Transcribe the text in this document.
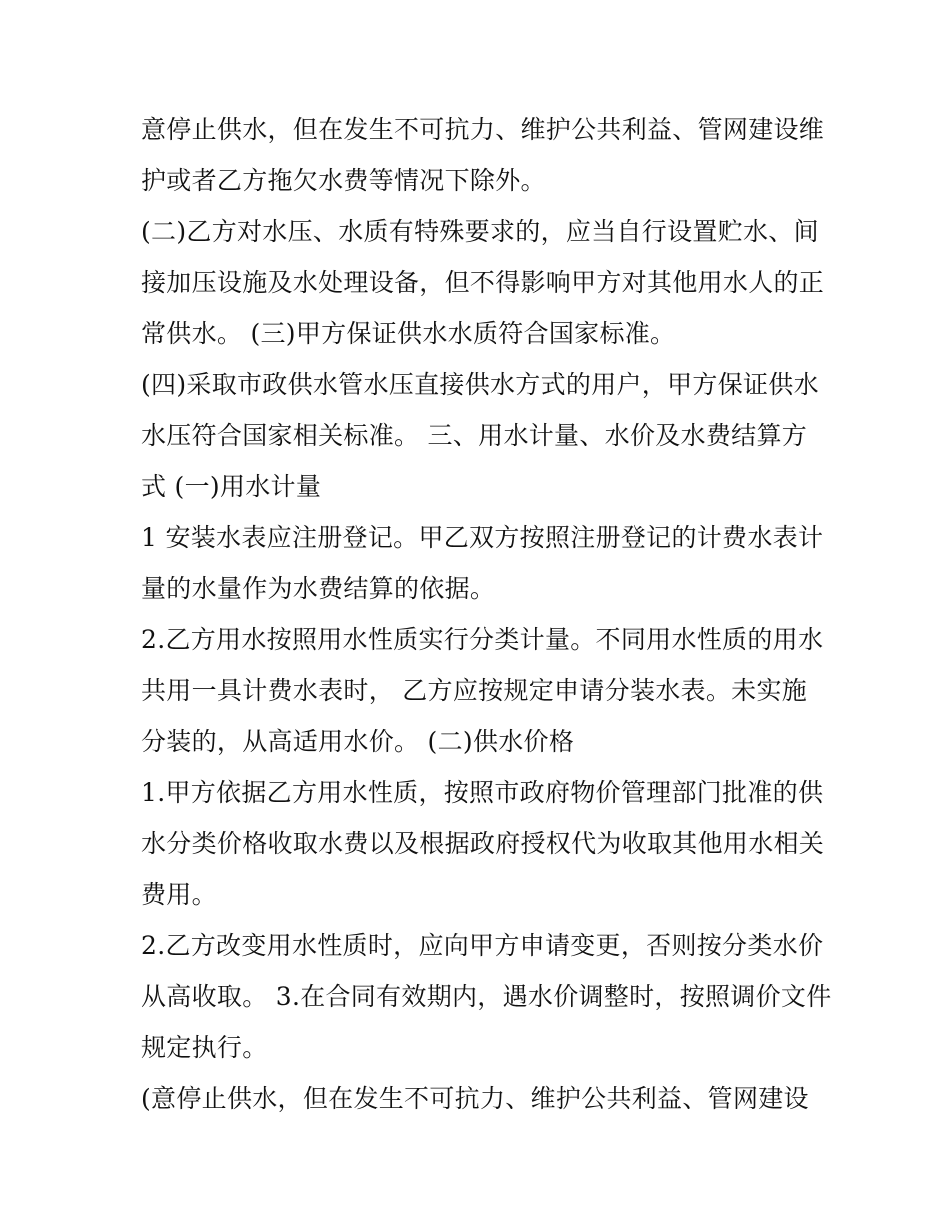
意停止供水，但在发生不可抗力、维护公共利益、管网建设维
护或者乙方拖欠水费等情况下除外。
(二)乙方对水压、水质有特殊要求的，应当自行设置贮水、间
接加压设施及水处理设备，但不得影响甲方对其他用水人的正
常供水。 (三)甲方保证供水水质符合国家标准。
(四)采取市政供水管水压直接供水方式的用户，甲方保证供水
水压符合国家相关标准。 三、用水计量、水价及水费结算方
式 (一)用水计量
1 安装水表应注册登记。甲乙双方按照注册登记的计费水表计
量的水量作为水费结算的依据。
2.乙方用水按照用水性质实行分类计量。不同用水性质的用水
共用一具计费水表时， 乙方应按规定申请分装水表。未实施
分装的，从高适用水价。 (二)供水价格
1.甲方依据乙方用水性质，按照市政府物价管理部门批准的供
水分类价格收取水费以及根据政府授权代为收取其他用水相关
费用。
2.乙方改变用水性质时，应向甲方申请变更，否则按分类水价
从高收取。 3.在合同有效期内，遇水价调整时，按照调价文件
规定执行。
(意停止供水，但在发生不可抗力、维护公共利益、管网建设
